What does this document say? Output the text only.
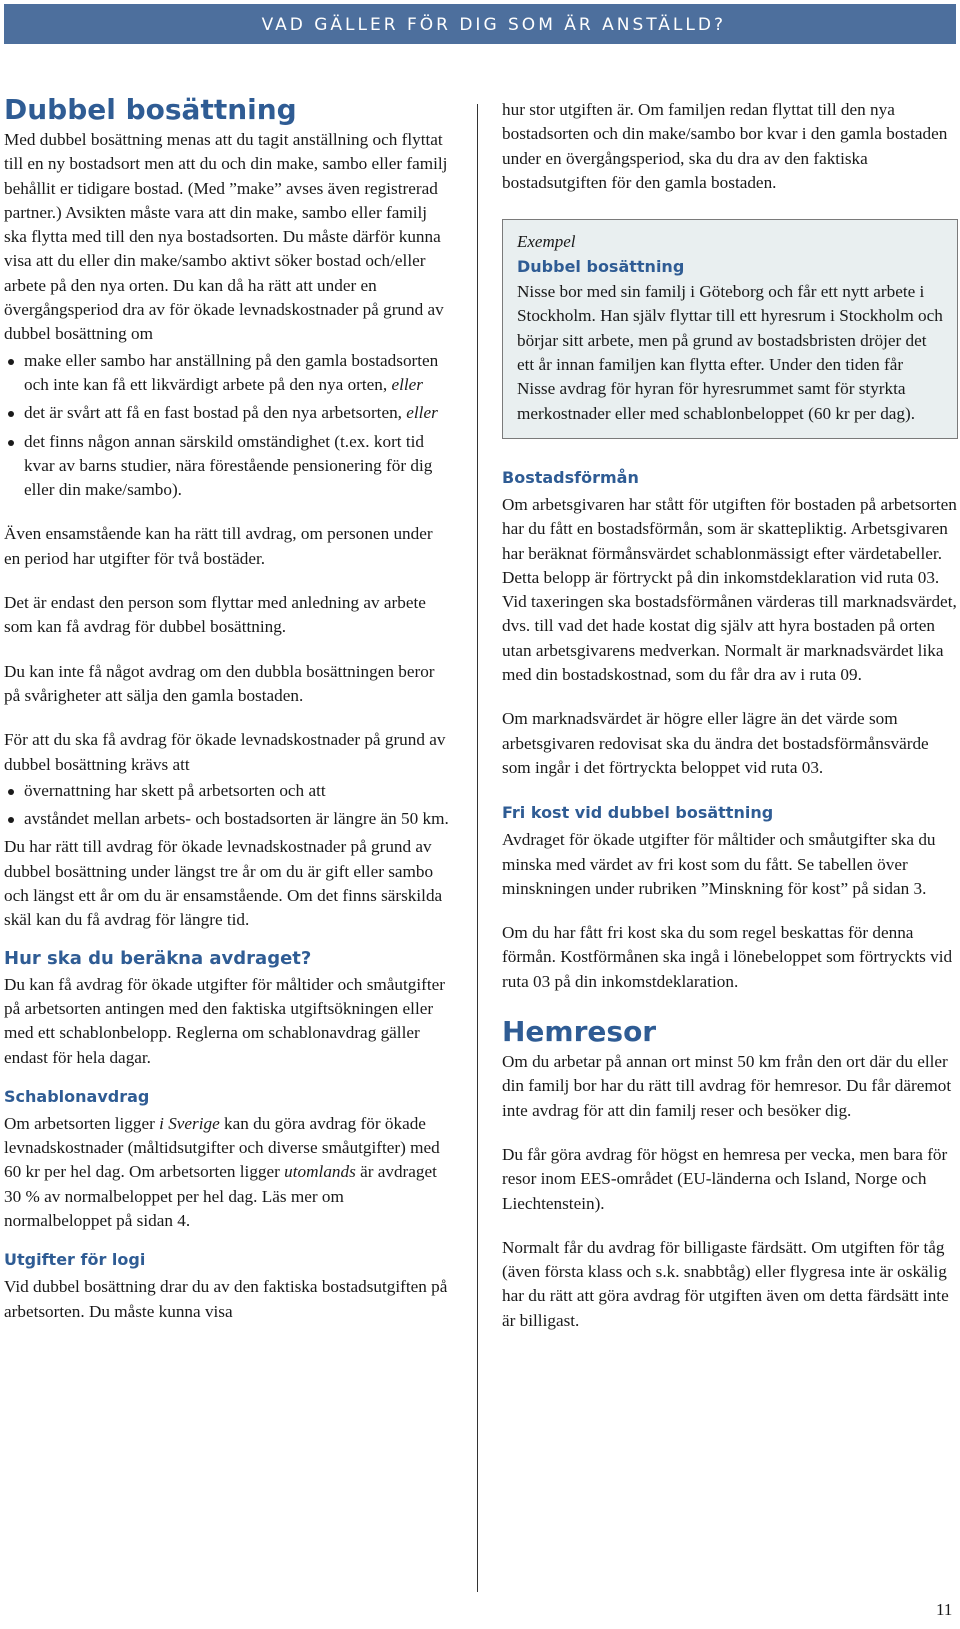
VAD GÄLLER FÖR DIG SOM ÄR ANSTÄLLD?
Dubbel bosättning

Med dubbel bosättning menas att du tagit anställning och flyttat till en ny bostadsort men att du och din make, sambo eller familj behållit er tidigare bostad. (Med ”make” avses även registrerad partner.) Avsikten måste vara att din make, sambo eller familj ska flytta med till den nya bostadsorten. Du måste därför kunna visa att du eller din make/sambo aktivt söker bostad och/eller arbete på den nya orten. Du kan då ha rätt att under en övergångsperiod dra av för ökade levnadskostnader på grund av dubbel bosättning om

make eller sambo har anställning på den gamla bostadsorten och inte kan få ett likvärdigt arbete på den nya orten, eller
det är svårt att få en fast bostad på den nya arbetsorten, eller
det finns någon annan särskild omständighet (t.ex. kort tid kvar av barns studier, nära förestående pensionering för dig eller din make/sambo).

Även ensamstående kan ha rätt till avdrag, om personen under en period har utgifter för två bostäder.

Det är endast den person som flyttar med anledning av arbete som kan få avdrag för dubbel bosättning.

Du kan inte få något avdrag om den dubbla bosättningen beror på svårigheter att sälja den gamla bostaden.

För att du ska få avdrag för ökade levnadskostnader på grund av dubbel bosättning krävs att

övernattning har skett på arbetsorten och att
avståndet mellan arbets- och bostadsorten är längre än 50 km.

Du har rätt till avdrag för ökade levnadskostnader på grund av dubbel bosättning under längst tre år om du är gift eller sambo och längst ett år om du är ensamstående. Om det finns särskilda skäl kan du få avdrag för längre tid.

Hur ska du beräkna avdraget?

Du kan få avdrag för ökade utgifter för måltider och småutgifter på arbetsorten antingen med den faktiska utgiftsökningen eller med ett schablonbelopp. Reglerna om schablonavdrag gäller endast för hela dagar.

Schablonavdrag

Om arbetsorten ligger i Sverige kan du göra avdrag för ökade levnadskostnader (måltidsutgifter och diverse småutgifter) med 60 kr per hel dag. Om arbetsorten ligger utomlands är avdraget 30 % av normalbeloppet per hel dag. Läs mer om normalbeloppet på sidan 4.

Utgifter för logi

Vid dubbel bosättning drar du av den faktiska bostadsutgiften på arbetsorten. Du måste kunna visa

hur stor utgiften är. Om familjen redan flyttat till den nya bostadsorten och din make/sambo bor kvar i den gamla bostaden under en övergångsperiod, ska du dra av den faktiska bostadsutgiften för den gamla bostaden.

Exempel
Dubbel bosättning

Nisse bor med sin familj i Göteborg och får ett nytt arbete i Stockholm. Han själv flyttar till ett hyresrum i Stockholm och börjar sitt arbete, men på grund av bostadsbristen dröjer det ett år innan familjen kan flytta efter. Under den tiden får Nisse avdrag för hyran för hyresrummet samt för styrkta merkostnader eller med schablonbeloppet (60 kr per dag).

Bostadsförmån

Om arbetsgivaren har stått för utgiften för bostaden på arbetsorten har du fått en bostadsförmån, som är skattepliktig. Arbetsgivaren har beräknat förmånsvärdet schablonmässigt efter värdetabeller. Detta belopp är förtryckt på din inkomstdeklaration vid ruta 03. Vid taxeringen ska bostadsförmånen värderas till marknadsvärdet, dvs. till vad det hade kostat dig själv att hyra bostaden på orten utan arbetsgivarens medverkan. Normalt är marknadsvärdet lika med din bostadskostnad, som du får dra av i ruta 09.

Om marknadsvärdet är högre eller lägre än det värde som arbetsgivaren redovisat ska du ändra det bostadsförmånsvärde som ingår i det förtryckta beloppet vid ruta 03.

Fri kost vid dubbel bosättning

Avdraget för ökade utgifter för måltider och småutgifter ska du minska med värdet av fri kost som du fått. Se tabellen över minskningen under rubriken ”Minskning för kost” på sidan 3.

Om du har fått fri kost ska du som regel beskattas för denna förmån. Kostförmånen ska ingå i lönebeloppet som förtryckts vid ruta 03 på din inkomstdeklaration.

Hemresor

Om du arbetar på annan ort minst 50 km från den ort där du eller din familj bor har du rätt till avdrag för hemresor. Du får däremot inte avdrag för att din familj reser och besöker dig.

Du får göra avdrag för högst en hemresa per vecka, men bara för resor inom EES-området (EU-länderna och Island, Norge och Liechtenstein).

Normalt får du avdrag för billigaste färdsätt. Om utgiften för tåg (även första klass och s.k. snabbtåg) eller flygresa inte är oskälig har du rätt att göra avdrag för utgiften även om detta färdsätt inte är billigast.

11
